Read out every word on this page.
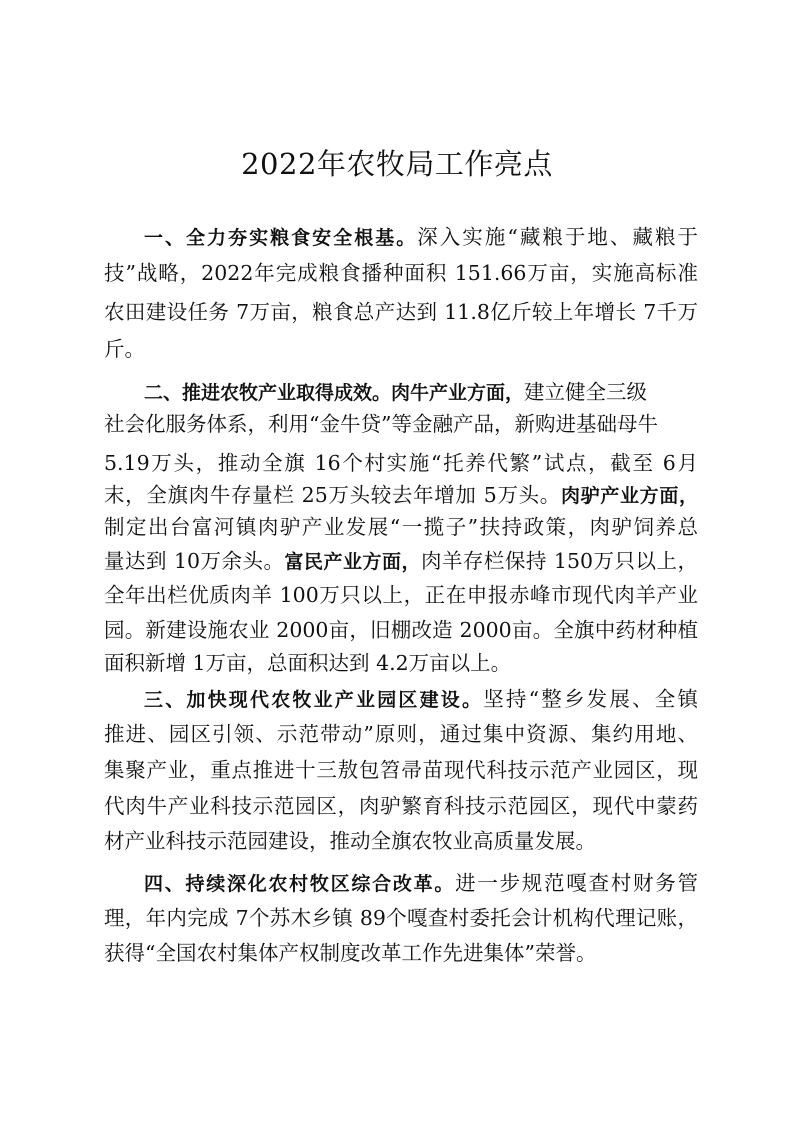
2022年农牧局工作亮点
一、全力夯实粮食安全根基。深入实施“藏粮于地、藏粮于
技”战略，2022年完成粮食播种面积 151.66万亩，实施高标准
农田建设任务 7万亩，粮食总产达到 11.8亿斤较上年增长 7千万
斤。
二、推进农牧产业取得成效。肉牛产业方面，建立健全三级
社会化服务体系，利用“金牛贷”等金融产品，新购进基础母牛
5.19万头，推动全旗 16个村实施“托养代繁”试点，截至 6月
末，全旗肉牛存量栏 25万头较去年增加 5万头。肉驴产业方面，
制定出台富河镇肉驴产业发展“一揽子”扶持政策，肉驴饲养总
量达到 10万余头。富民产业方面，肉羊存栏保持 150万只以上，
全年出栏优质肉羊 100万只以上，正在申报赤峰市现代肉羊产业
园。新建设施农业 2000亩，旧棚改造 2000亩。全旗中药材种植
面积新增 1万亩，总面积达到 4.2万亩以上。
三、加快现代农牧业产业园区建设。坚持“整乡发展、全镇
推进、园区引领、示范带动”原则，通过集中资源、集约用地、
集聚产业，重点推进十三敖包笤帚苗现代科技示范产业园区，现
代肉牛产业科技示范园区，肉驴繁育科技示范园区，现代中蒙药
材产业科技示范园建设，推动全旗农牧业高质量发展。
四、持续深化农村牧区综合改革。进一步规范嘎查村财务管
理，年内完成 7个苏木乡镇 89个嘎查村委托会计机构代理记账，
获得“全国农村集体产权制度改革工作先进集体”荣誉。
